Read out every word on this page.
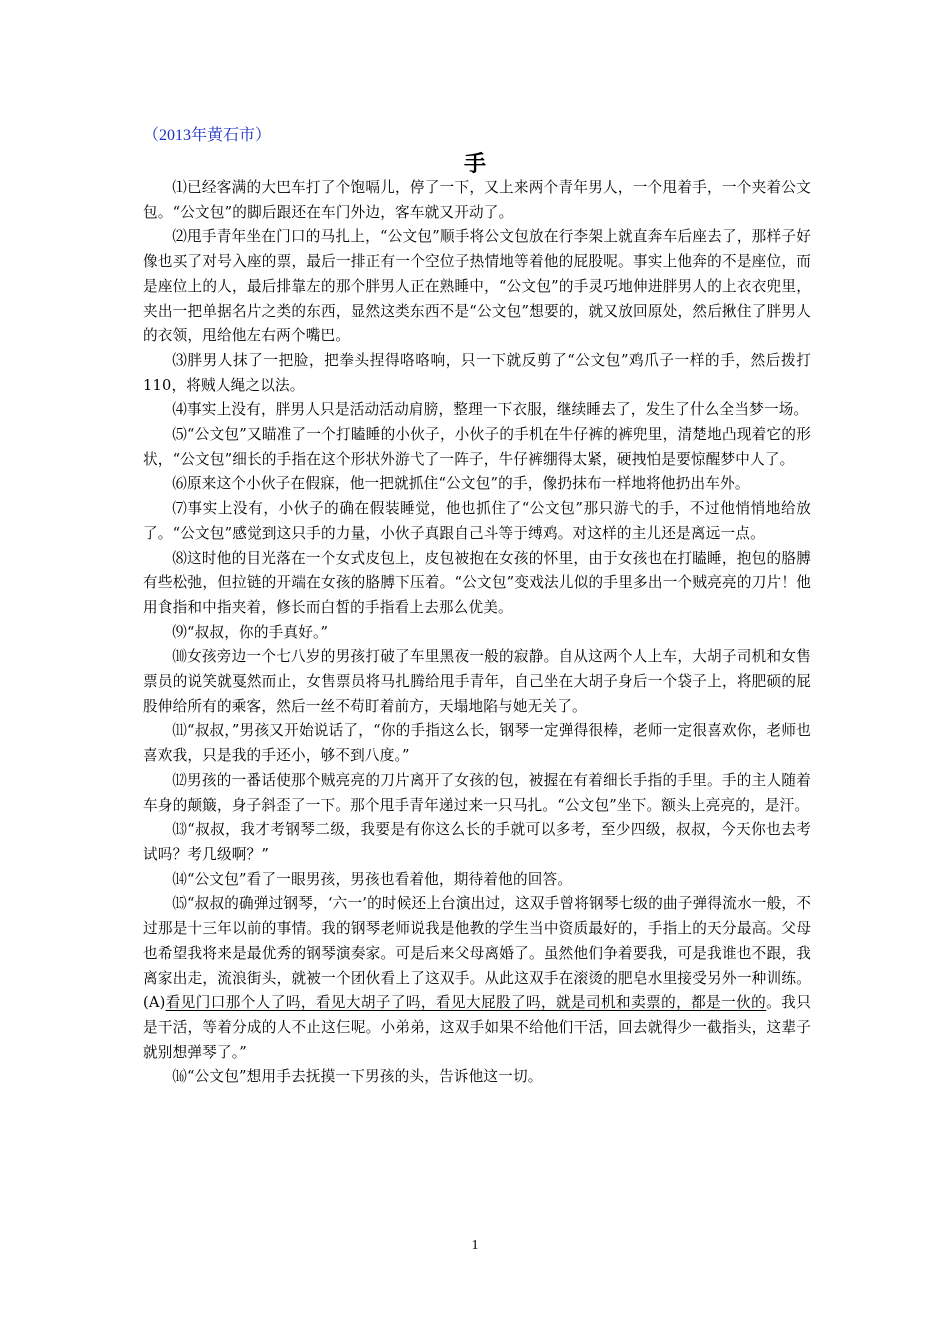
（2013年黄石市）
手

⑴已经客满的大巴车打了个饱嗝儿，停了一下，又上来两个青年男人，一个甩着手，一个夹着公文包。“公文包”的脚后跟还在车门外边，客车就又开动了。

⑵甩手青年坐在门口的马扎上，“公文包”顺手将公文包放在行李架上就直奔车后座去了，那样子好像也买了对号入座的票，最后一排正有一个空位子热情地等着他的屁股呢。事实上他奔的不是座位，而是座位上的人，最后排靠左的那个胖男人正在熟睡中，“公文包”的手灵巧地伸进胖男人的上衣衣兜里，夹出一把单据名片之类的东西，显然这类东西不是“公文包”想要的，就又放回原处，然后揪住了胖男人的衣领，甩给他左右两个嘴巴。

⑶胖男人抹了一把脸，把拳头捏得咯咯响，只一下就反剪了“公文包”鸡爪子一样的手，然后拨打110，将贼人绳之以法。

⑷事实上没有，胖男人只是活动活动肩膀，整理一下衣服，继续睡去了，发生了什么全当梦一场。

⑸“公文包”又瞄准了一个打瞌睡的小伙子，小伙子的手机在牛仔裤的裤兜里，清楚地凸现着它的形状，“公文包”细长的手指在这个形状外游弋了一阵子，牛仔裤绷得太紧，硬拽怕是要惊醒梦中人了。

⑹原来这个小伙子在假寐，他一把就抓住“公文包”的手，像扔抹布一样地将他扔出车外。

⑺事实上没有，小伙子的确在假装睡觉，他也抓住了“公文包”那只游弋的手，不过他悄悄地给放了。“公文包”感觉到这只手的力量，小伙子真跟自己斗等于缚鸡。对这样的主儿还是离远一点。

⑻这时他的目光落在一个女式皮包上，皮包被抱在女孩的怀里，由于女孩也在打瞌睡，抱包的胳膊有些松弛，但拉链的开端在女孩的胳膊下压着。“公文包”变戏法儿似的手里多出一个贼亮亮的刀片！他用食指和中指夹着，修长而白皙的手指看上去那么优美。

⑼“叔叔，你的手真好。”

⑽女孩旁边一个七八岁的男孩打破了车里黑夜一般的寂静。自从这两个人上车，大胡子司机和女售票员的说笑就戛然而止，女售票员将马扎腾给甩手青年，自己坐在大胡子身后一个袋子上，将肥硕的屁股伸给所有的乘客，然后一丝不苟盯着前方，天塌地陷与她无关了。

⑾“叔叔，”男孩又开始说话了，“你的手指这么长，钢琴一定弹得很棒，老师一定很喜欢你，老师也喜欢我，只是我的手还小，够不到八度。”

⑿男孩的一番话使那个贼亮亮的刀片离开了女孩的包，被握在有着细长手指的手里。手的主人随着车身的颠簸，身子斜歪了一下。那个甩手青年递过来一只马扎。“公文包”坐下。额头上亮亮的，是汗。

⒀“叔叔，我才考钢琴二级，我要是有你这么长的手就可以多考，至少四级，叔叔，今天你也去考试吗？考几级啊？”

⒁“公文包”看了一眼男孩，男孩也看着他，期待着他的回答。

⒂“叔叔的确弹过钢琴，‘六一’的时候还上台演出过，这双手曾将钢琴七级的曲子弹得流水一般，不过那是十三年以前的事情。我的钢琴老师说我是他教的学生当中资质最好的，手指上的天分最高。父母也希望我将来是最优秀的钢琴演奏家。可是后来父母离婚了。虽然他们争着要我，可是我谁也不跟，我离家出走，流浪街头，就被一个团伙看上了这双手。从此这双手在滚烫的肥皂水里接受另外一种训练。(A)看见门口那个人了吗，看见大胡子了吗，看见大屁股了吗，就是司机和卖票的，都是一伙的。我只是干活，等着分成的人不止这仨呢。小弟弟，这双手如果不给他们干活，回去就得少一截指头，这辈子就别想弹琴了。”

⒃“公文包”想用手去抚摸一下男孩的头，告诉他这一切。

1
